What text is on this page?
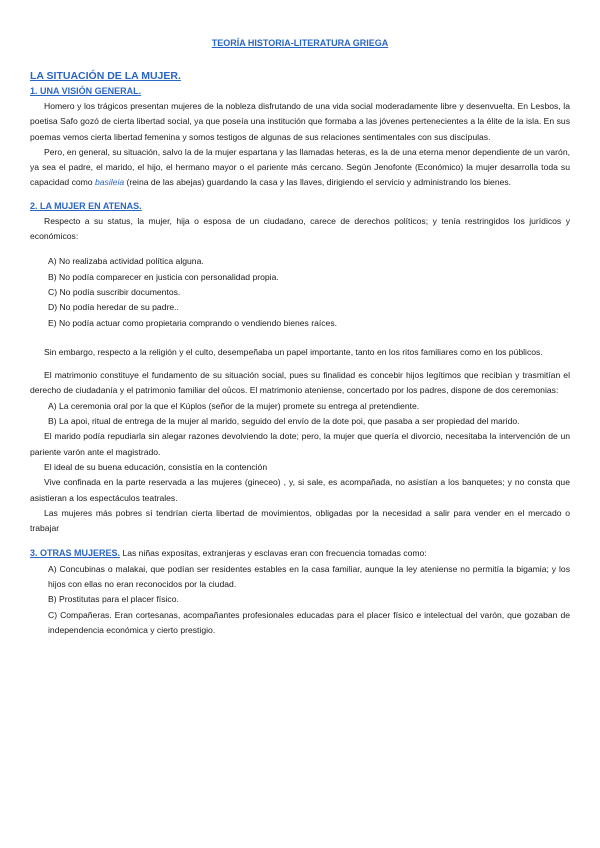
TEORÍA HISTORIA-LITERATURA GRIEGA
LA SITUACIÓN DE LA MUJER.
1. UNA VISIÓN GENERAL.

Homero y los trágicos presentan mujeres de la nobleza disfrutando de una vida social moderadamente libre y desenvuelta. En Lesbos, la poetisa Safo gozó de cierta libertad social, ya que poseía una institución que formaba a las jóvenes pertenecientes a la élite de la isla. En sus poemas vemos cierta libertad femenina y somos testigos de algunas de sus relaciones sentimentales con sus discípulas.

Pero, en general, su situación, salvo la de la mujer espartana y las llamadas heteras, es la de una eterna menor dependiente de un varón, ya sea el padre, el marido, el hijo, el hermano mayor o el pariente más cercano. Según Jenofonte (Económico) la mujer desarrolla toda su capacidad como basileia (reina de las abejas) guardando la casa y las llaves, dirigiendo el servicio y administrando los bienes.

2. LA MUJER EN ATENAS.

Respecto a su status, la mujer, hija o esposa de un ciudadano, carece de derechos políticos; y tenía restringidos los jurídicos y económicos:

A) No realizaba actividad política alguna.
B) No podía comparecer en justicia con personalidad propia.
C) No podía suscribir documentos.
D) No podía heredar de su padre..
E) No podía actuar como propietaria comprando o vendiendo bienes raíces.

Sin embargo, respecto a la religión y el culto, desempeñaba un papel importante, tanto en los ritos familiares como en los públicos.

El matrimonio constituye el fundamento de su situación social, pues su finalidad es concebir hijos legítimos que recibían y trasmitían el derecho de ciudadanía y el patrimonio familiar del ou̒cos. El matrimonio ateniense, concertado por los padres, dispone de dos ceremonias:

A) La ceremonia oral por la que el Kúplos (señor de la mujer) promete su entrega al pretendiente.
B) La apoi, ritual de entrega de la mujer al marido, seguido del envío de la dote poi, que pasaba a ser propiedad del marido.

El marido podía repudiarla sin alegar razones devolviendo la dote; pero, la mujer que quería el divorcio, necesitaba la intervención de un pariente varón ante el magistrado.

El ideal de su buena educación, consistía en la contención

Vive confinada en la parte reservada a las mujeres (gineceo) , y, si sale, es acompañada, no asistían a los banquetes; y no consta que asistieran a los espectáculos teatrales.

Las mujeres más pobres sí tendrían cierta libertad de movimientos, obligadas por la necesidad a salir para vender en el mercado o trabajar

3. OTRAS MUJERES. Las niñas expositas, extranjeras y esclavas eran con frecuencia tomadas como:

A) Concubinas o malakai, que podían ser residentes estables en la casa familiar, aunque la ley ateniense no permitía la bigamia; y los hijos con ellas no eran reconocidos por la ciudad.
B) Prostitutas para el placer físico.
C) Compañeras. Eran cortesanas, acompañantes profesionales educadas para el placer físico e intelectual del varón, que gozaban de independencia económica y cierto prestigio.
